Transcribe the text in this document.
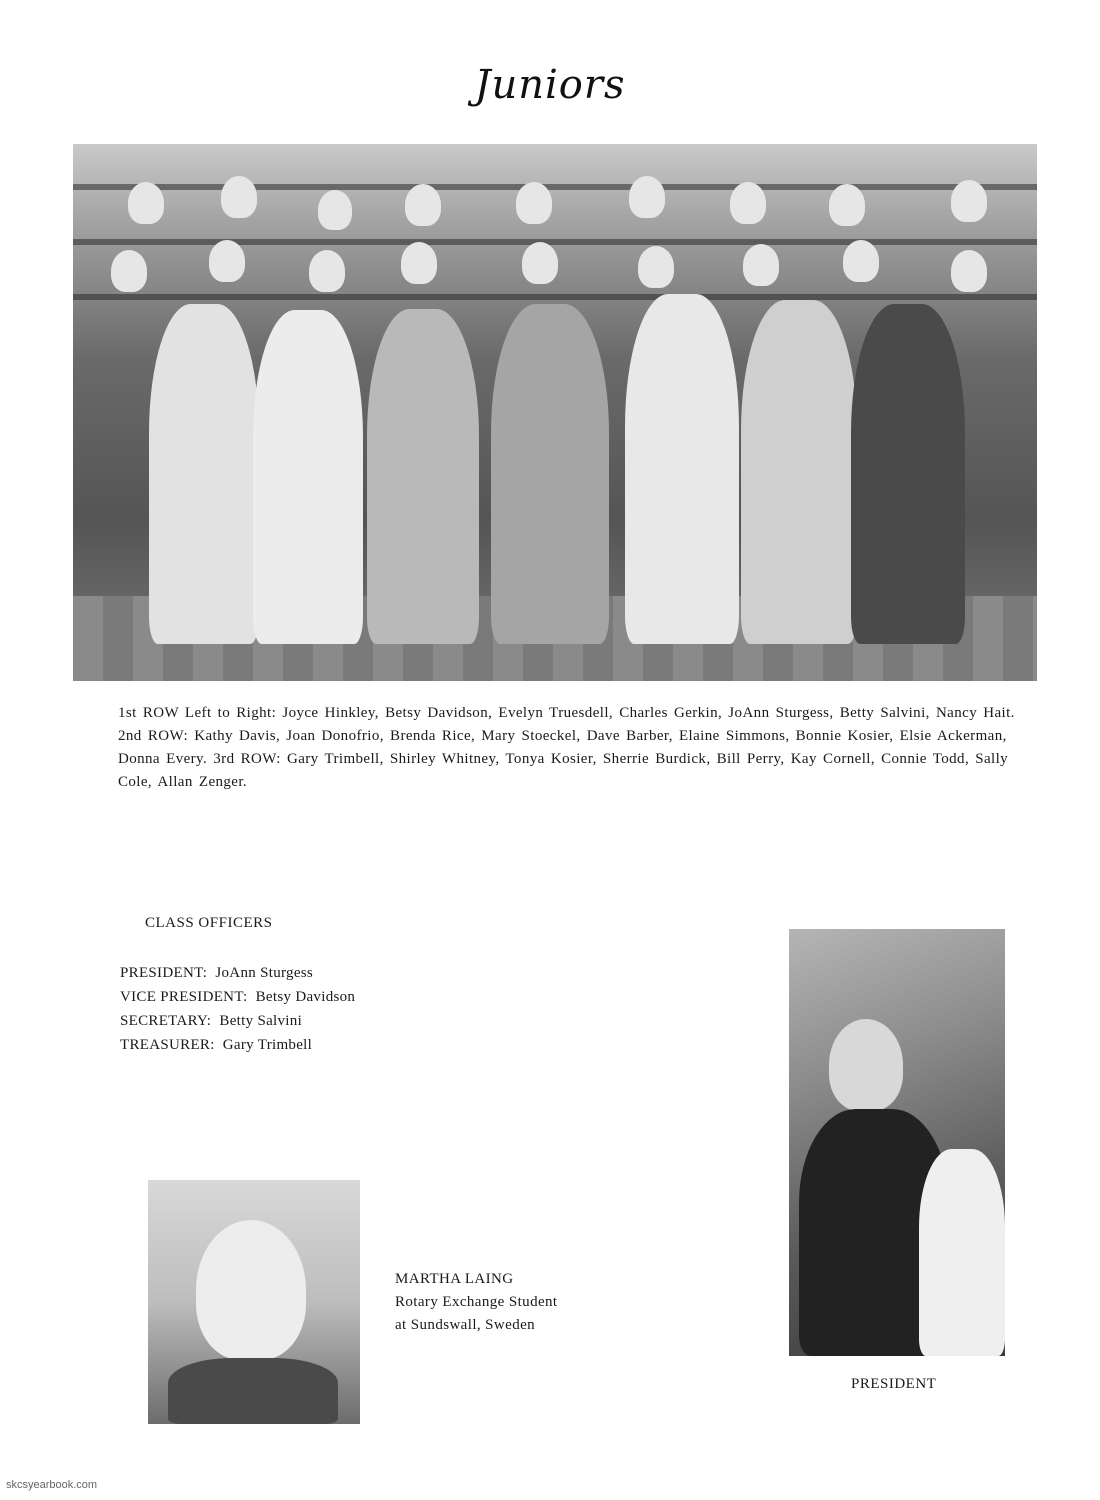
Juniors
1st ROW Left to Right: Joyce Hinkley, Betsy Davidson, Evelyn Truesdell, Charles Gerkin, JoAnn Sturgess, Betty Salvini, Nancy Hait. 2nd ROW: Kathy Davis, Joan Donofrio, Brenda Rice, Mary Stoeckel, Dave Barber, Elaine Simmons, Bonnie Kosier, Elsie Ackerman, Donna Every. 3rd ROW: Gary Trimbell, Shirley Whitney, Tonya Kosier, Sherrie Burdick, Bill Perry, Kay Cornell, Connie Todd, Sally Cole, Allan Zenger.
CLASS OFFICERS
PRESIDENT: JoAnn Sturgess
VICE PRESIDENT: Betsy Davidson
SECRETARY: Betty Salvini
TREASURER: Gary Trimbell
PRESIDENT
MARTHA LAING
Rotary Exchange Student
at Sundswall, Sweden
skcsyearbook.com
